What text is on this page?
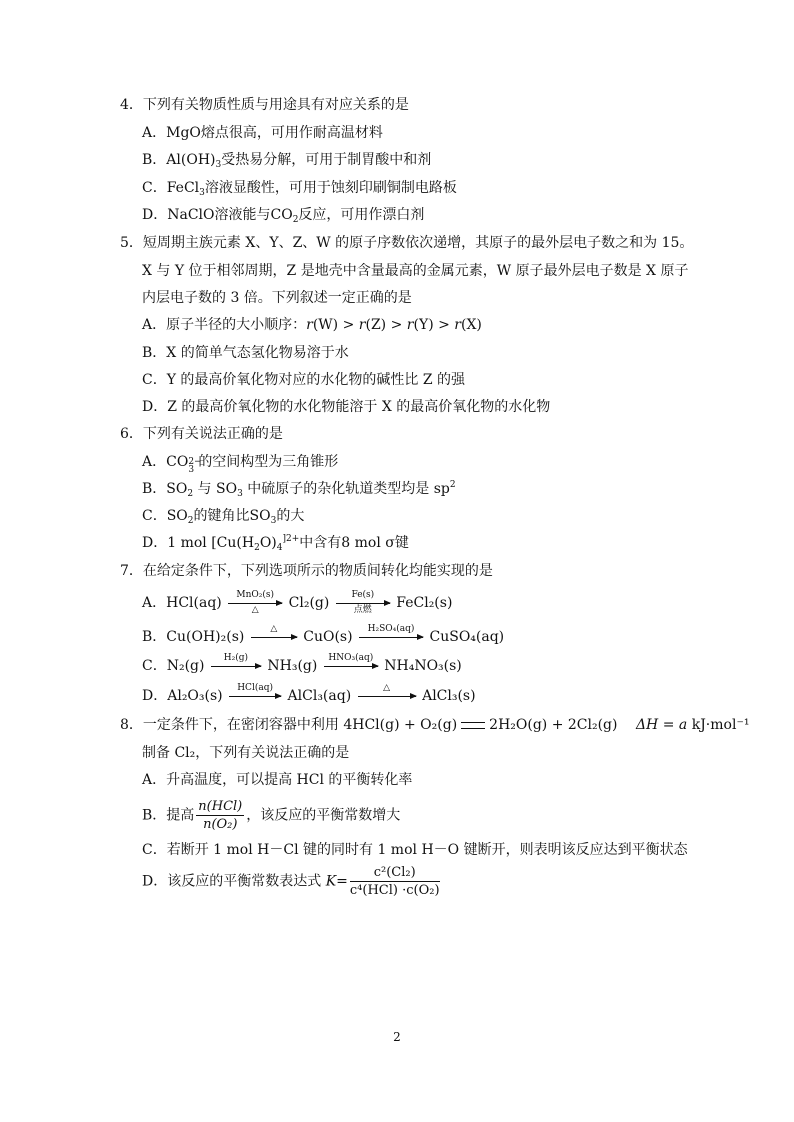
4．下列有关物质性质与用途具有对应关系的是
A．MgO熔点很高，可用作耐高温材料
B．$Al(OH)_3$受热易分解，可用于制胃酸中和剂
C．FeCl$_3$溶液显酸性，可用于蚀刻印刷铜制电路板
D．NaClO溶液能与$CO_2$反应，可用作漂白剂
5．短周期主族元素 X、Y、Z、W 的原子序数依次递增，其原子的最外层电子数之和为 15。
X 与 Y 位于相邻周期，Z 是地壳中含量最高的金属元素，W 原子最外层电子数是 X 原子
内层电子数的 3 倍。下列叙述一定正确的是
A．原子半径的大小顺序：r(W) > r(Z) > r(Y) > r(X)
B．X 的简单气态氢化物易溶于水
C．Y 的最高价氧化物对应的水化物的碱性比 Z 的强
D．Z 的最高价氧化物的水化物能溶于 X 的最高价氧化物的水化物
6．下列有关说法正确的是
A．CO 2−
3 的空间构型为三角锥形
B．$SO_2$ 与 $SO_3$ 中硫原子的杂化轨道类型均是 $sp^2$
C．$SO_2$的键角比$SO_3$的大
D．1 mol [$Cu(H_2O)_4^{]2+}$中含有8 mol σ键
7．在给定条件下，下列选项所示的物质间转化均能实现的是
A．HCl(aq)	MnO₂(s)
△	Cl₂(g)	Fe(s)
点燃	FeCl₂(s)
B．Cu(OH)₂(s)	△	CuO(s)	H₂SO₄(aq)	CuSO₄(aq)
C．N₂(g)	H₂(g)	NH₃(g)	HNO₃(aq) NH₄NO₃(s)
D．Al₂O₃(s)	HCl(aq)	AlCl₃(aq)	△	AlCl₃(s)
8．一定条件下，在密闭容器中利用 4HCl(g) + O₂(g) 2H₂O(g) + 2Cl₂(g) ΔH = a kJ·mol⁻¹
制备 Cl₂，下列有关说法正确的是
A．升高温度，可以提高 HCl 的平衡转化率
B．提高 $\frac{\text{n(HCl)}}{\text{n(O₂)}}$ ，该反应的平衡常数增大
C．若断开 1 mol H－Cl 键的同时有 1 mol H－O 键断开，则表明该反应达到平衡状态
D．该反应的平衡常数表达式 $K= \frac{\text{c²(Cl₂)}}{\text{c⁴(HCl) ·c(O₂)}}$
2
